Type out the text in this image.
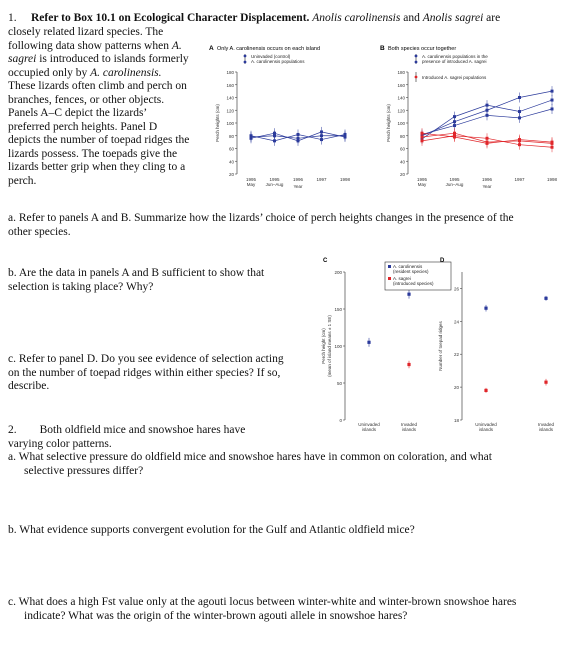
1. Refer to Box 10.1 on Ecological Character Displacement. Anolis carolinensis and Anolis sagrei are
closely related lizard species. The
following data show patterns when A.
sagrei is introduced to islands formerly
occupied only by A. carolinensis.
These lizards often climb and perch on
branches, fences, or other objects.
Panels A–C depict the lizards’
preferred perch heights. Panel D
depicts the number of toepad ridges the
lizards possess. The toepads give the
lizards better grip when they cling to a
perch.
a. Refer to panels A and B. Summarize how the lizards’ choice of perch heights changes in the presence of the
other species.
b. Are the data in panels A and B sufficient to show that
selection is taking place? Why?
c. Refer to panel D. Do you see evidence of selection acting
on the number of toepad ridges within either species? If so,
describe.
2. Both oldfield mice and snowshoe hares have
varying color patterns.
a. What selective pressure do oldfield mice and snowshoe hares have in common on coloration, and what
selective pressures differ?
b. What evidence supports convergent evolution for the Gulf and Atlantic oldfield mice?
c. What does a high Fst value only at the agouti locus between winter-white and winter-brown snowshoe hares
indicate? What was the origin of the winter-brown agouti allele in snowshoe hares?
A Only A. carolinensis occurs on each island
180
160
140
120
100
80
60
40
20
Perch heights (cm)
1995	1995	1996	1997	1998
May Jun–Aug Year
Uninvaded (control)
A. carolinensis populations
B Both species occur together
180
160
140
120
100
80
60
40
20
Perch heights (cm)
1995	1995	1996	1997	1998
May	Jun–Aug	Year
A. carolinensis populations in the
presence of introduced A. sagrei
Introduced A. sagrei populations
C
200
150
100
50
0
Perch height (cm) (mean of island means ± 1 SE)
Uninvaded
islands
Invaded
islands
A. carolinensis
(resident species)
A. sagrei
(introduced species)
D
26
24
22
20
18
Number of toepad ridges
Uninvaded
islands
Invaded
islands
